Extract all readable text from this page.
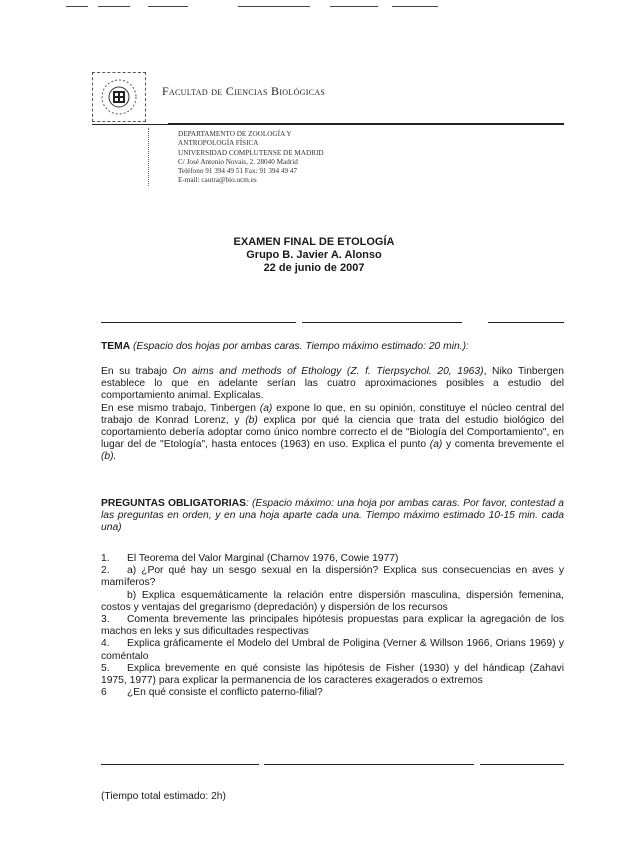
Facultad de Ciencias Biológicas
DEPARTAMENTO DE ZOOLOGÍA Y
ANTROPOLOGÍA FÍSICA
UNIVERSIDAD COMPLUTENSE DE MADRID
C/ José Antonio Novais, 2. 28040 Madrid
Teléfono 91 394 49 51 Fax: 91 394 49 47
E-mail: cautra@bio.ucm.es
EXAMEN FINAL DE ETOLOGÍA
Grupo B. Javier A. Alonso
22 de junio de 2007

TEMA (Espacio dos hojas por ambas caras. Tiempo máximo estimado: 20 min.):

En su trabajo On aims and methods of Ethology (Z. f. Tierpsychol. 20, 1963), Niko Tinbergen establece lo que en adelante serían las cuatro aproximaciones posibles a estudio del comportamiento animal. Explícalas.

En ese mismo trabajo, Tinbergen (a) expone lo que, en su opinión, constituye el núcleo central del trabajo de Konrad Lorenz, y (b) explica por qué la ciencia que trata del estudio biológico del coportamiento debería adoptar como único nombre correcto el de "Biología del Comportamiento", en lugar del de "Etología", hasta entoces (1963) en uso. Explica el punto (a) y comenta brevemente el (b).

PREGUNTAS OBLIGATORIAS: (Espacio máximo: una hoja por ambas caras. Por favor, contestad a las preguntas en orden, y en una hoja aparte cada una. Tiempo máximo estimado 10-15 min. cada una)

1. El Teorema del Valor Marginal (Charnov 1976, Cowie 1977)

2. a) ¿Por qué hay un sesgo sexual en la dispersión? Explica sus consecuencias en aves y mamíferos?

b) Explica esquemáticamente la relación entre dispersión masculina, dispersión femenina, costos y ventajas del gregarismo (depredación) y dispersión de los recursos

3. Comenta brevemente las principales hipótesis propuestas para explicar la agregación de los machos en leks y sus dificultades respectivas

4. Explica gráficamente el Modelo del Umbral de Poligina (Verner & Willson 1966, Orians 1969) y coméntalo

5. Explica brevemente en qué consiste las hipótesis de Fisher (1930) y del hándicap (Zahavi 1975, 1977) para explicar la permanencia de los caracteres exagerados o extremos

6 ¿En qué consiste el conflicto paterno-filial?

(Tiempo total estimado: 2h)
